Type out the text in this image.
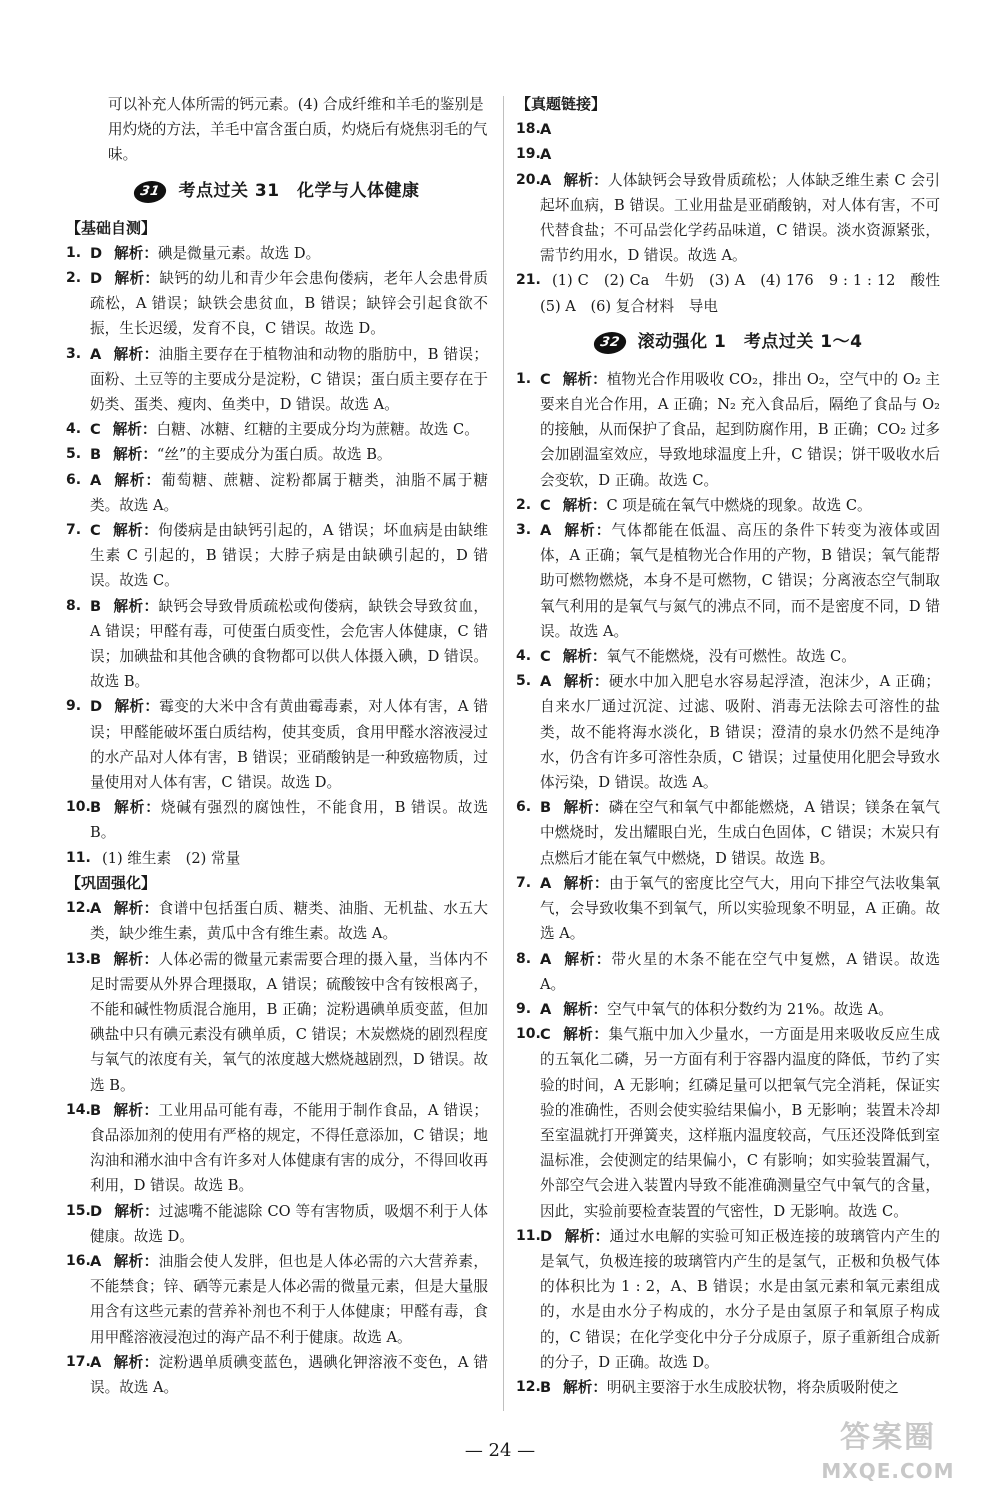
可以补充人体所需的钙元素。(4) 合成纤维和羊毛的鉴别是用灼烧的方法，羊毛中富含蛋白质，灼烧后有烧焦羽毛的气味。

31	考点过关 31　化学与人体健康

【基础自测】

1. D 解析：碘是微量元素。故选 D。
2. D 解析：缺钙的幼儿和青少年会患佝偻病，老年人会患骨质疏松，A 错误；缺铁会患贫血，B 错误；缺锌会引起食欲不振，生长迟缓，发育不良，C 错误。故选 D。
3. A 解析：油脂主要存在于植物油和动物的脂肪中，B 错误；面粉、土豆等的主要成分是淀粉，C 错误；蛋白质主要存在于奶类、蛋类、瘦肉、鱼类中，D 错误。故选 A。
4. C 解析：白糖、冰糖、红糖的主要成分均为蔗糖。故选 C。
5. B 解析：“丝”的主要成分为蛋白质。故选 B。
6. A 解析：葡萄糖、蔗糖、淀粉都属于糖类，油脂不属于糖类。故选 A。
7. C 解析：佝偻病是由缺钙引起的，A 错误；坏血病是由缺维生素 C 引起的，B 错误；大脖子病是由缺碘引起的，D 错误。故选 C。
8. B 解析：缺钙会导致骨质疏松或佝偻病，缺铁会导致贫血，A 错误；甲醛有毒，可使蛋白质变性，会危害人体健康，C 错误；加碘盐和其他含碘的食物都可以供人体摄入碘，D 错误。故选 B。
9. D 解析：霉变的大米中含有黄曲霉毒素，对人体有害，A 错误；甲醛能破坏蛋白质结构，使其变质，食用甲醛水溶液浸过的水产品对人体有害，B 错误；亚硝酸钠是一种致癌物质，过量使用对人体有害，C 错误。故选 D。
10. B 解析：烧碱有强烈的腐蚀性，不能食用，B 错误。故选 B。
11. (1) 维生素　(2) 常量

【巩固强化】

12. A 解析：食谱中包括蛋白质、糖类、油脂、无机盐、水五大类，缺少维生素，黄瓜中含有维生素。故选 A。
13. B 解析：人体必需的微量元素需要合理的摄入量，当体内不足时需要从外界合理摄取，A 错误；硫酸铵中含有铵根离子，不能和碱性物质混合施用，B 正确；淀粉遇碘单质变蓝，但加碘盐中只有碘元素没有碘单质，C 错误；木炭燃烧的剧烈程度与氧气的浓度有关，氧气的浓度越大燃烧越剧烈，D 错误。故选 B。
14. B 解析：工业用品可能有毒，不能用于制作食品，A 错误；食品添加剂的使用有严格的规定，不得任意添加，C 错误；地沟油和潲水油中含有许多对人体健康有害的成分，不得回收再利用，D 错误。故选 B。
15. D 解析：过滤嘴不能滤除 CO 等有害物质，吸烟不利于人体健康。故选 D。
16. A 解析：油脂会使人发胖，但也是人体必需的六大营养素，不能禁食；锌、硒等元素是人体必需的微量元素，但是大量服用含有这些元素的营养补剂也不利于人体健康；甲醛有毒，食用甲醛溶液浸泡过的海产品不利于健康。故选 A。
17. A 解析：淀粉遇单质碘变蓝色，遇碘化钾溶液不变色，A 错误。故选 A。

【真题链接】

18. A
19. A
20. A 解析：人体缺钙会导致骨质疏松；人体缺乏维生素 C 会引起坏血病，B 错误。工业用盐是亚硝酸钠，对人体有害，不可代替食盐；不可品尝化学药品味道，C 错误。淡水资源紧张，需节约用水，D 错误。故选 A。
21. (1) C　(2) Ca　牛奶　(3) A　(4) 176　9 : 1 : 12　酸性　(5) A　(6) 复合材料　导电
32	滚动强化 1　考点过关 1～4
1. C 解析：植物光合作用吸收 CO₂，排出 O₂，空气中的 O₂ 主要来自光合作用，A 正确；N₂ 充入食品后，隔绝了食品与 O₂ 的接触，从而保护了食品，起到防腐作用，B 正确；CO₂ 过多会加剧温室效应，导致地球温度上升，C 错误；饼干吸收水后会变软，D 正确。故选 C。
2. C 解析：C 项是硫在氧气中燃烧的现象。故选 C。
3. A 解析：气体都能在低温、高压的条件下转变为液体或固体，A 正确；氧气是植物光合作用的产物，B 错误；氧气能帮助可燃物燃烧，本身不是可燃物，C 错误；分离液态空气制取氧气利用的是氧气与氮气的沸点不同，而不是密度不同，D 错误。故选 A。
4. C 解析：氧气不能燃烧，没有可燃性。故选 C。
5. A 解析：硬水中加入肥皂水容易起浮渣，泡沫少，A 正确；自来水厂通过沉淀、过滤、吸附、消毒无法除去可溶性的盐类，故不能将海水淡化，B 错误；澄清的泉水仍然不是纯净水，仍含有许多可溶性杂质，C 错误；过量使用化肥会导致水体污染，D 错误。故选 A。
6. B 解析：磷在空气和氧气中都能燃烧，A 错误；镁条在氧气中燃烧时，发出耀眼白光，生成白色固体，C 错误；木炭只有点燃后才能在氧气中燃烧，D 错误。故选 B。
7. A 解析：由于氧气的密度比空气大，用向下排空气法收集氧气，会导致收集不到氧气，所以实验现象不明显，A 正确。故选 A。
8. A 解析：带火星的木条不能在空气中复燃，A 错误。故选 A。
9. A 解析：空气中氧气的体积分数约为 21%。故选 A。
10. C 解析：集气瓶中加入少量水，一方面是用来吸收反应生成的五氧化二磷，另一方面有利于容器内温度的降低，节约了实验的时间，A 无影响；红磷足量可以把氧气完全消耗，保证实验的准确性，否则会使实验结果偏小，B 无影响；装置未冷却至室温就打开弹簧夹，这样瓶内温度较高，气压还没降低到室温标准，会使测定的结果偏小，C 有影响；如实验装置漏气，外部空气会进入装置内导致不能准确测量空气中氧气的含量，因此，实验前要检查装置的气密性，D 无影响。故选 C。
11. D 解析：通过水电解的实验可知正极连接的玻璃管内产生的是氧气，负极连接的玻璃管内产生的是氢气，正极和负极气体的体积比为 1 : 2，A、B 错误；水是由氢元素和氧元素组成的，水是由水分子构成的，水分子是由氢原子和氧原子构成的，C 错误；在化学变化中分子分成原子，原子重新组合成新的分子，D 正确。故选 D。
12. B 解析：明矾主要溶于水生成胶状物，将杂质吸附使之
— 24 —	答案圈
MXQE.COM
